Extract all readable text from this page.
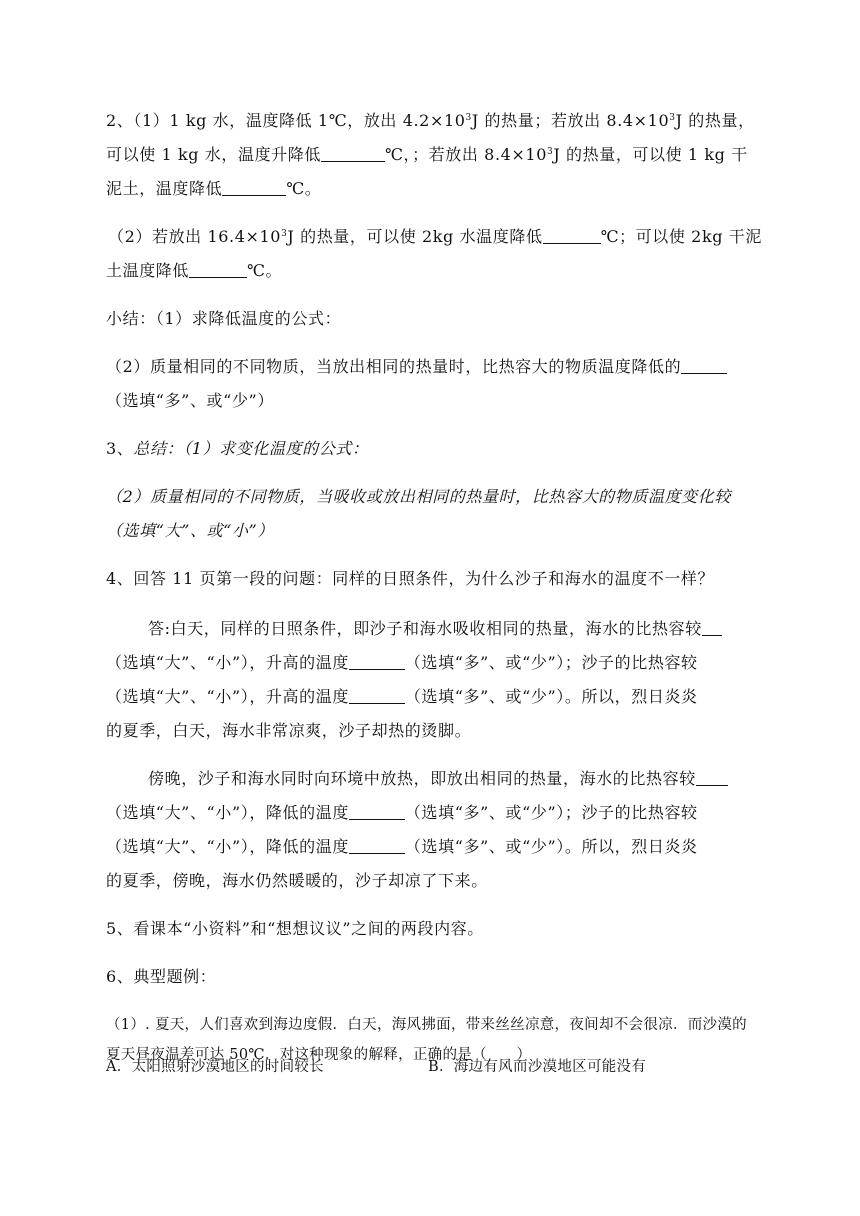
2、（1）1 kg 水，温度降低 1℃，放出 $4.2\times 10^3J$ 的热量；若放出 $8.4\times 10^3J$ 的热量，
可以使 1 kg 水，温度升降低	℃，；若放出 $8.4\times 10^3J$ 的热量，可以使 1 kg 干
泥土，温度降低	℃。
（2）若放出 $16.4\times 10^3J$ 的热量，可以使 2kg 水温度降低	℃；可以使 2kg 干泥
土温度降低	℃。
小结：（1）求降低温度的公式：
（2）质量相同的不同物质，当放出相同的热量时，比热容大的物质温度降低的
（选填“多”、或“少”）
3、总结：（1）求变化温度的公式：
（2）质量相同的不同物质，当吸收或放出相同的热量时，比热容大的物质温度变化较
（选填“大”、或“小”）
4、回答 11 页第一段的问题：同样的日照条件，为什么沙子和海水的温度不一样？
答:白天，同样的日照条件，即沙子和海水吸收相同的热量，海水的比热容较
（选填“大”、“小”），升高的温度	（选填“多”、或“少”）；沙子的比热容较
（选填“大”、“小”），升高的温度	（选填“多”、或“少”）。所以，烈日炎炎
的夏季，白天，海水非常凉爽，沙子却热的烫脚。
傍晚，沙子和海水同时向环境中放热，即放出相同的热量，海水的比热容较
（选填“大”、“小”），降低的温度	（选填“多”、或“少”）；沙子的比热容较
（选填“大”、“小”），降低的温度	（选填“多”、或“少”）。所以，烈日炎炎
的夏季，傍晚，海水仍然暖暖的，沙子却凉了下来。
5、看课本“小资料”和“想想议议”之间的两段内容。
6、典型题例：
（1）. 夏天，人们喜欢到海边度假．白天，海风拂面，带来丝丝凉意，夜间却不会很凉．而沙漠的
夏天昼夜温差可达 50℃．对这种现象的解释，正确的是（　　）
A．太阳照射沙漠地区的时间较长	B．海边有风而沙漠地区可能没有
